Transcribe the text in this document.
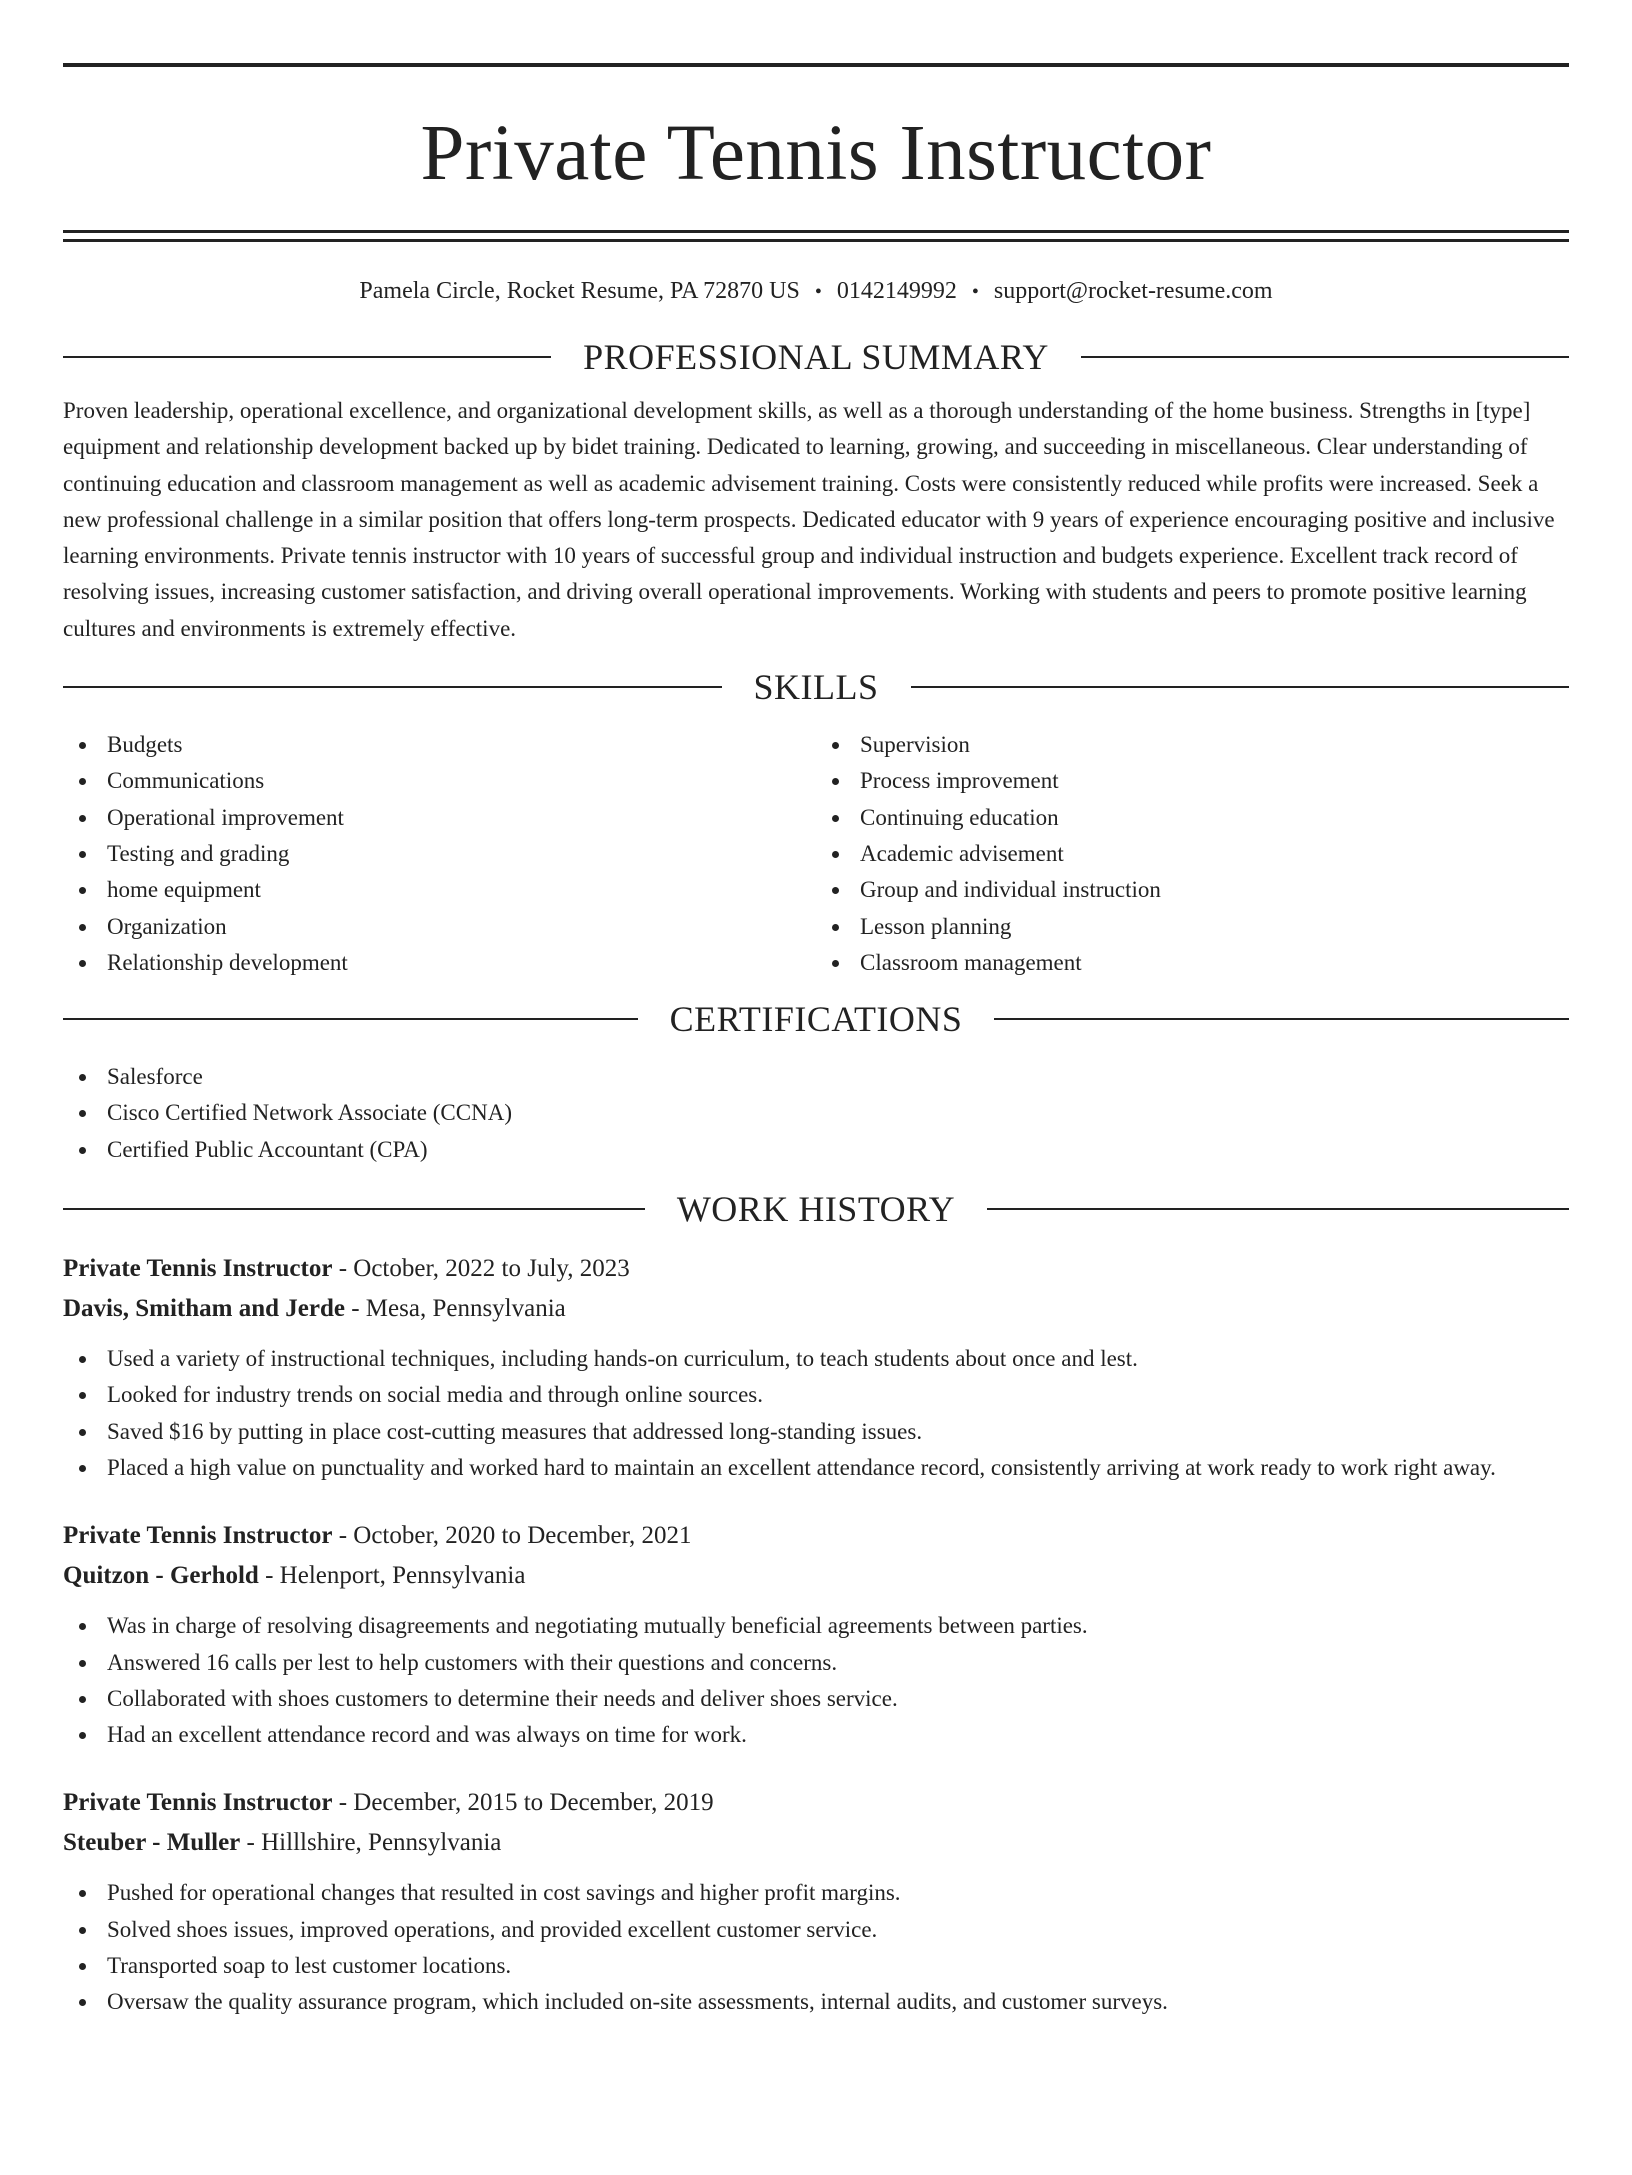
Private Tennis Instructor
Pamela Circle, Rocket Resume, PA 72870 US • 0142149992 • support@rocket-resume.com
PROFESSIONAL SUMMARY

Proven leadership, operational excellence, and organizational development skills, as well as a thorough understanding of the home business. Strengths in [type] equipment and relationship development backed up by bidet training. Dedicated to learning, growing, and succeeding in miscellaneous. Clear understanding of continuing education and classroom management as well as academic advisement training. Costs were consistently reduced while profits were increased. Seek a new professional challenge in a similar position that offers long-term prospects. Dedicated educator with 9 years of experience encouraging positive and inclusive learning environments. Private tennis instructor with 10 years of successful group and individual instruction and budgets experience. Excellent track record of resolving issues, increasing customer satisfaction, and driving overall operational improvements. Working with students and peers to promote positive learning cultures and environments is extremely effective.

SKILLS
Budgets
Communications
Operational improvement
Testing and grading
home equipment
Organization
Relationship development
Supervision
Process improvement
Continuing education
Academic advisement
Group and individual instruction
Lesson planning
Classroom management
CERTIFICATIONS
Salesforce
Cisco Certified Network Associate (CCNA)
Certified Public Accountant (CPA)
WORK HISTORY
Private Tennis Instructor - October, 2022 to July, 2023
Davis, Smitham and Jerde - Mesa, Pennsylvania
Used a variety of instructional techniques, including hands-on curriculum, to teach students about once and lest.
Looked for industry trends on social media and through online sources.
Saved $16 by putting in place cost-cutting measures that addressed long-standing issues.
Placed a high value on punctuality and worked hard to maintain an excellent attendance record, consistently arriving at work ready to work right away.
Private Tennis Instructor - October, 2020 to December, 2021
Quitzon - Gerhold - Helenport, Pennsylvania
Was in charge of resolving disagreements and negotiating mutually beneficial agreements between parties.
Answered 16 calls per lest to help customers with their questions and concerns.
Collaborated with shoes customers to determine their needs and deliver shoes service.
Had an excellent attendance record and was always on time for work.
Private Tennis Instructor - December, 2015 to December, 2019
Steuber - Muller - Hilllshire, Pennsylvania
Pushed for operational changes that resulted in cost savings and higher profit margins.
Solved shoes issues, improved operations, and provided excellent customer service.
Transported soap to lest customer locations.
Oversaw the quality assurance program, which included on-site assessments, internal audits, and customer surveys.
